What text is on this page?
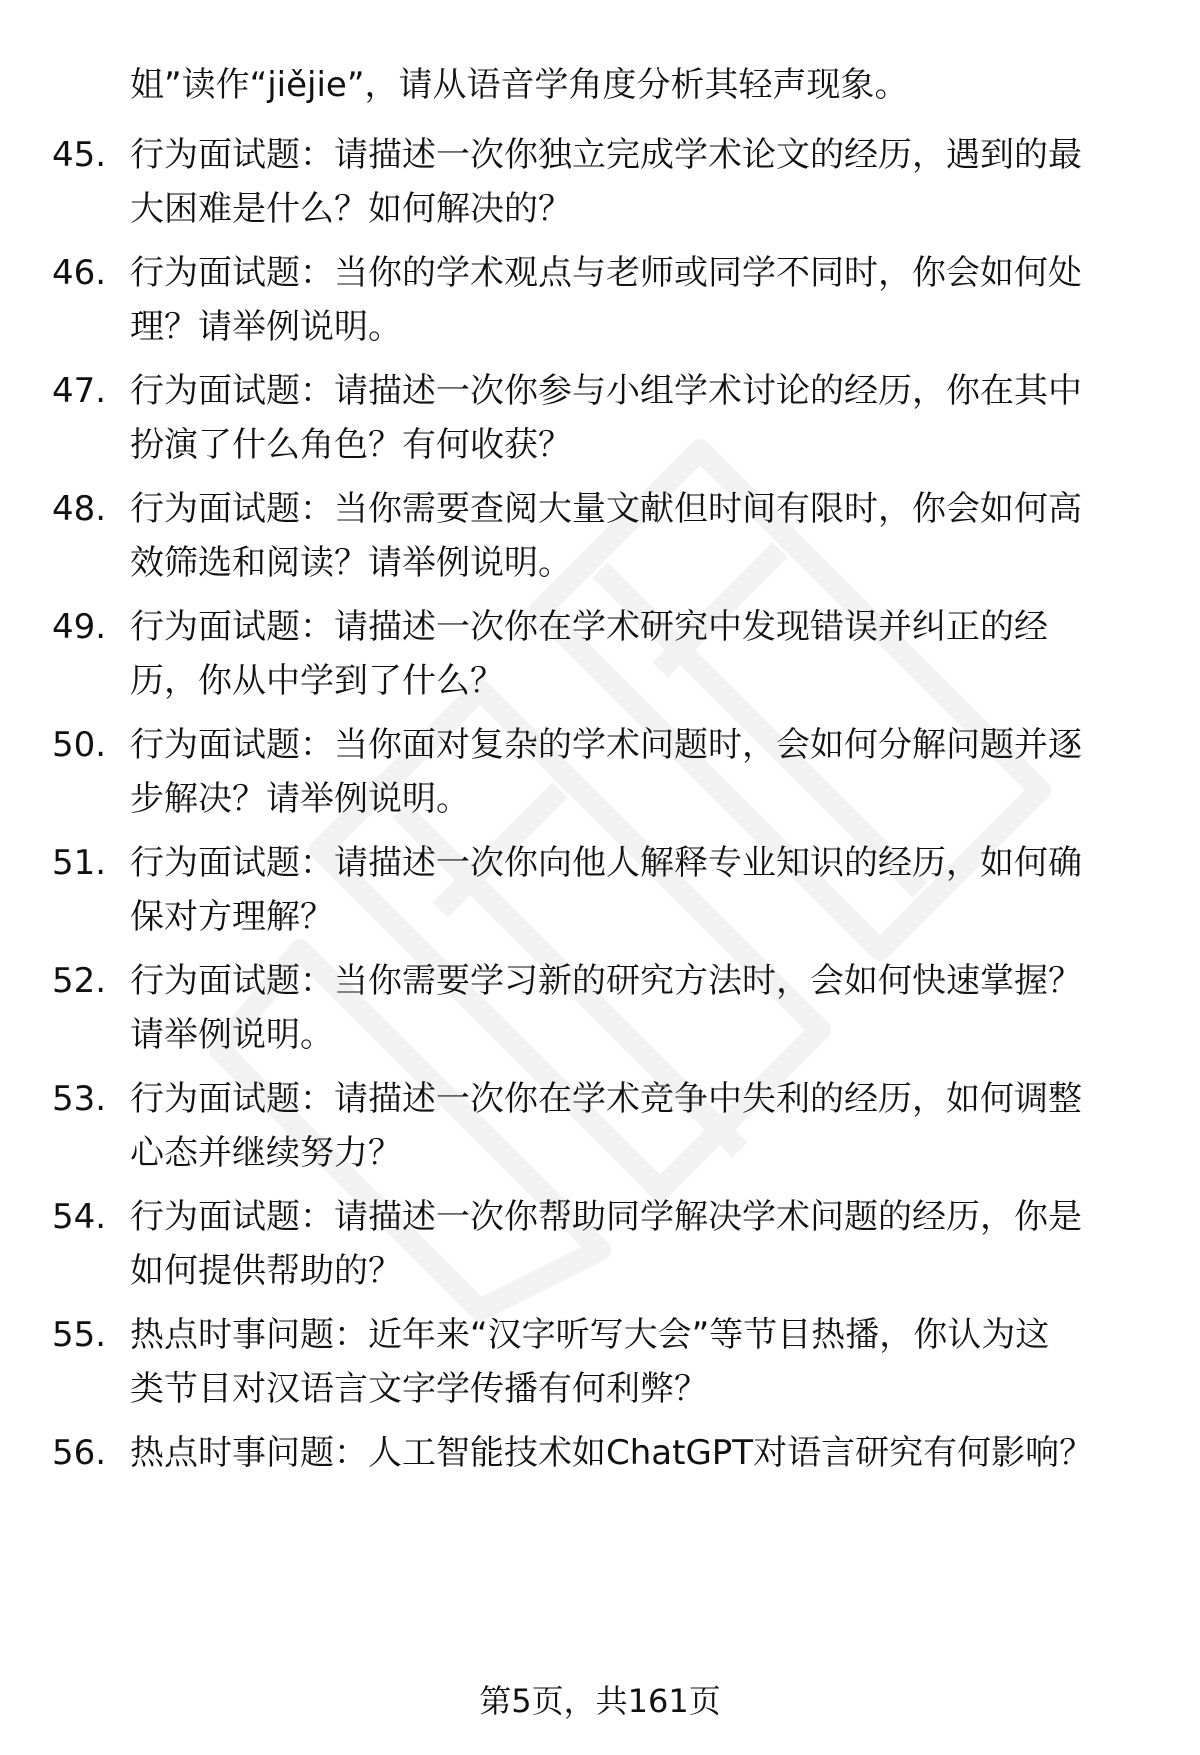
姐”读作“jiějie”，请从语音学角度分析其轻声现象。
45. 行为面试题：请描述一次你独立完成学术论文的经历，遇到的最
大困难是什么？如何解决的？
46. 行为面试题：当你的学术观点与老师或同学不同时，你会如何处
理？请举例说明。
47. 行为面试题：请描述一次你参与小组学术讨论的经历，你在其中
扮演了什么角色？有何收获？
48. 行为面试题：当你需要查阅大量文献但时间有限时，你会如何高
效筛选和阅读？请举例说明。
49. 行为面试题：请描述一次你在学术研究中发现错误并纠正的经
历，你从中学到了什么？
50. 行为面试题：当你面对复杂的学术问题时，会如何分解问题并逐
步解决？请举例说明。
51. 行为面试题：请描述一次你向他人解释专业知识的经历，如何确
保对方理解？
52. 行为面试题：当你需要学习新的研究方法时，会如何快速掌握？
请举例说明。
53. 行为面试题：请描述一次你在学术竞争中失利的经历，如何调整
心态并继续努力？
54. 行为面试题：请描述一次你帮助同学解决学术问题的经历，你是
如何提供帮助的？
55. 热点时事问题：近年来“汉字听写大会”等节目热播，你认为这
类节目对汉语言文字学传播有何利弊？
56. 热点时事问题：人工智能技术如ChatGPT对语言研究有何影响？
第5页，共161页
